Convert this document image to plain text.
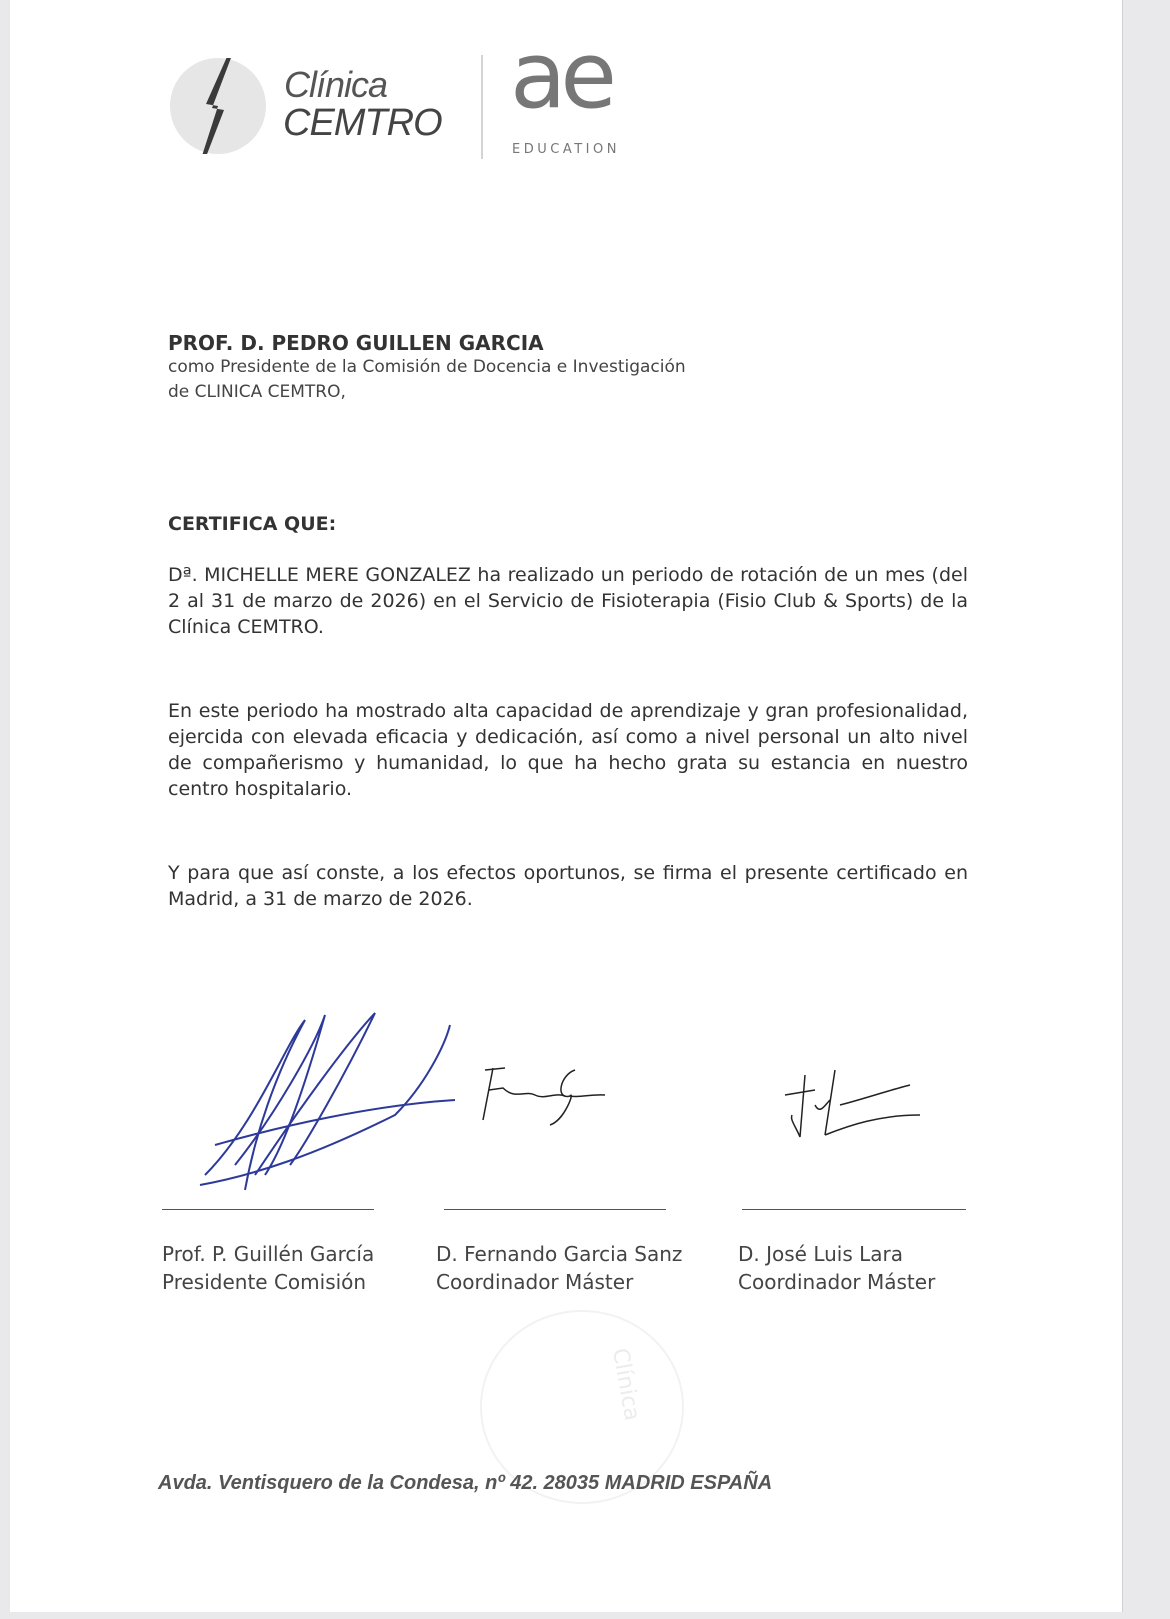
Clínica
CEMTRO ae
EDUCATION
PROF. D. PEDRO GUILLEN GARCIA
como Presidente de la Comisión de Docencia e Investigación
de CLINICA CEMTRO,
CERTIFICA QUE:
Dª. MICHELLE MERE GONZALEZ ha realizado un periodo de rotación de un mes (del 2 al 31 de marzo de 2026) en el Servicio de Fisioterapia (Fisio Club & Sports) de la Clínica CEMTRO.
En este periodo ha mostrado alta capacidad de aprendizaje y gran profesionalidad, ejercida con elevada eficacia y dedicación, así como a nivel personal un alto nivel de compañerismo y humanidad, lo que ha hecho grata su estancia en nuestro centro hospitalario.
Y para que así conste, a los efectos oportunos, se firma el presente certificado en Madrid, a 31 de marzo de 2026.
Prof. P. Guillén García
Presidente Comisión
D. Fernando Garcia Sanz
Coordinador Máster
D. José Luis Lara
Coordinador Máster
Clínica
Avda. Ventisquero de la Condesa, nº 42. 28035 MADRID ESPAÑA
